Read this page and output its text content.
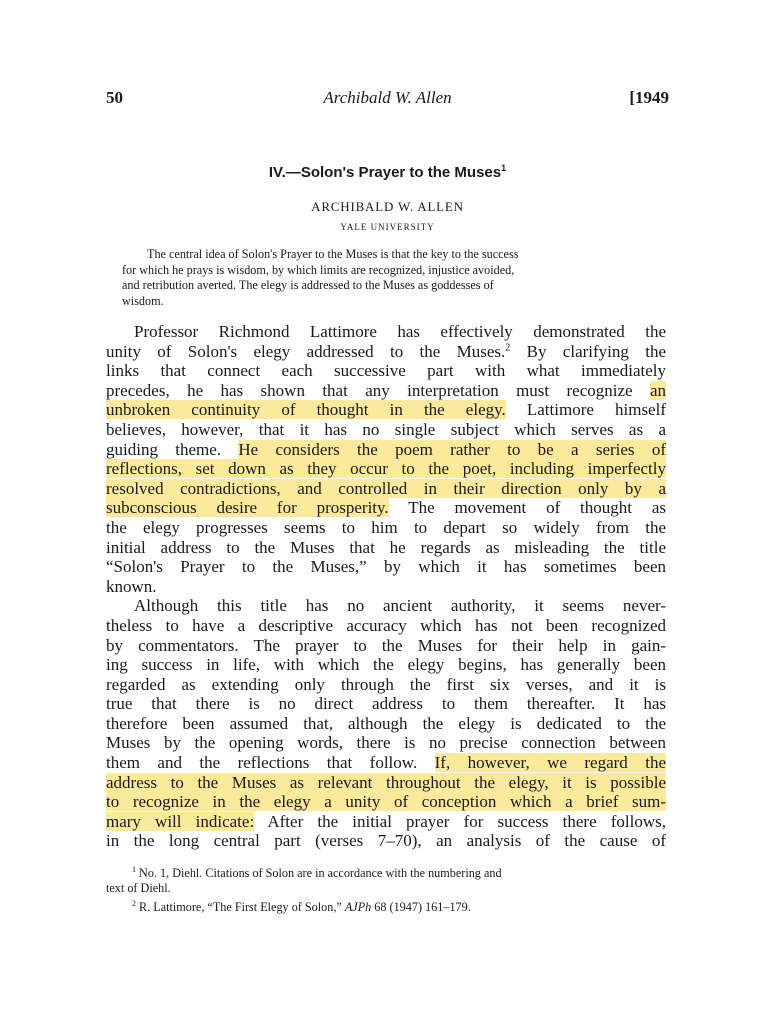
50	Archibald W. Allen	[1949
IV.—Solon's Prayer to the Muses$^1$
ARCHIBALD W. ALLEN
YALE UNIVERSITY
The central idea of Solon's Prayer to the Muses is that the key to the success
for which he prays is wisdom, by which limits are recognized, injustice avoided,
and retribution averted. The elegy is addressed to the Muses as goddesses of
wisdom.
Professor Richmond Lattimore has effectively demonstrated the
unity of Solon's elegy addressed to the Muses.$^2$ By clarifying the
links that connect each successive part with what immediately
precedes, he has shown that any interpretation must recognize an
unbroken continuity of thought in the elegy. Lattimore himself
believes, however, that it has no single subject which serves as a
guiding theme. He considers the poem rather to be a series of
reflections, set down as they occur to the poet, including imperfectly
resolved contradictions, and controlled in their direction only by a
subconscious desire for prosperity. The movement of thought as
the elegy progresses seems to him to depart so widely from the
initial address to the Muses that he regards as misleading the title
“Solon's Prayer to the Muses,” by which it has sometimes been
known.
Although this title has no ancient authority, it seems never-
theless to have a descriptive accuracy which has not been recognized
by commentators. The prayer to the Muses for their help in gain-
ing success in life, with which the elegy begins, has generally been
regarded as extending only through the first six verses, and it is
true that there is no direct address to them thereafter. It has
therefore been assumed that, although the elegy is dedicated to the
Muses by the opening words, there is no precise connection between
them and the reflections that follow. If, however, we regard the
address to the Muses as relevant throughout the elegy, it is possible
to recognize in the elegy a unity of conception which a brief sum-
mary will indicate: After the initial prayer for success there follows,
in the long central part (verses 7–70), an analysis of the cause of
$^1$ No. 1, Diehl. Citations of Solon are in accordance with the numbering and
text of Diehl.
$^2$ R. Lattimore, “The First Elegy of Solon,” AJPh 68 (1947) 161–179.
